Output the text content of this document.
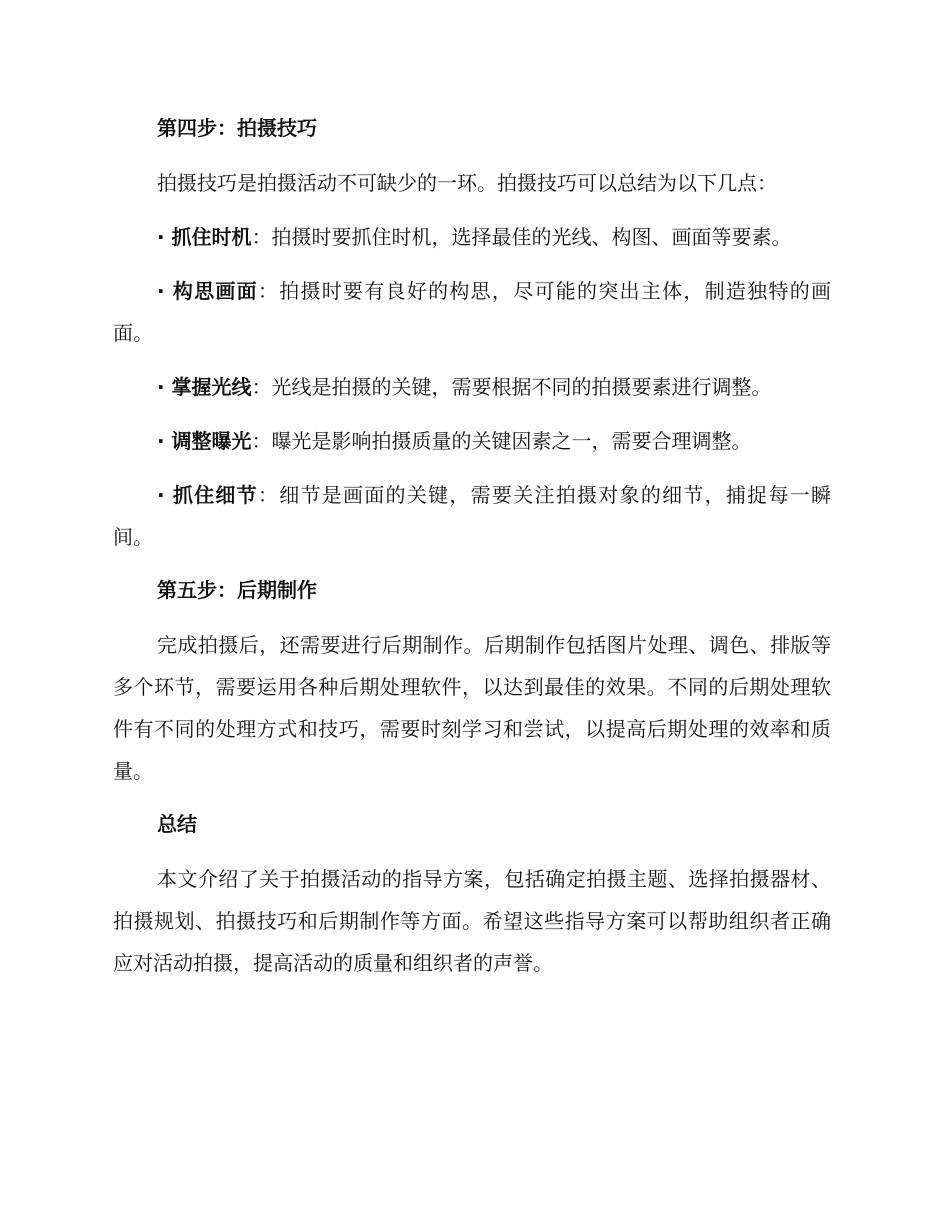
第四步：拍摄技巧

拍摄技巧是拍摄活动不可缺少的一环。拍摄技巧可以总结为以下几点：

· 抓住时机：拍摄时要抓住时机，选择最佳的光线、构图、画面等要素。

· 构思画面：拍摄时要有良好的构思，尽可能的突出主体，制造独特的画面。

· 掌握光线：光线是拍摄的关键，需要根据不同的拍摄要素进行调整。

· 调整曝光：曝光是影响拍摄质量的关键因素之一，需要合理调整。

· 抓住细节：细节是画面的关键，需要关注拍摄对象的细节，捕捉每一瞬间。

第五步：后期制作

完成拍摄后，还需要进行后期制作。后期制作包括图片处理、调色、排版等多个环节，需要运用各种后期处理软件，以达到最佳的效果。不同的后期处理软件有不同的处理方式和技巧，需要时刻学习和尝试，以提高后期处理的效率和质量。

总结

本文介绍了关于拍摄活动的指导方案，包括确定拍摄主题、选择拍摄器材、拍摄规划、拍摄技巧和后期制作等方面。希望这些指导方案可以帮助组织者正确应对活动拍摄，提高活动的质量和组织者的声誉。
